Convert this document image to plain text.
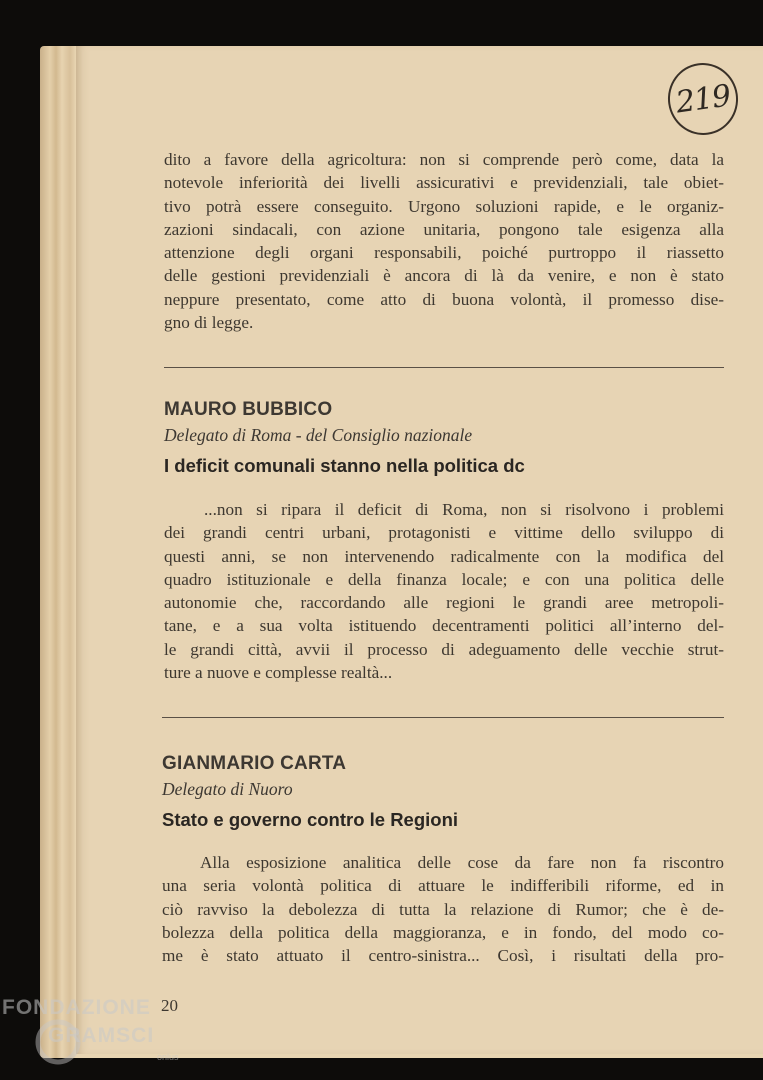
219
dito a favore della agricoltura: non si comprende però come, data la
notevole inferiorità dei livelli assicurativi e previdenziali, tale obiet-
tivo potrà essere conseguito. Urgono soluzioni rapide, e le organiz-
zazioni sindacali, con azione unitaria, pongono tale esigenza alla
attenzione degli organi responsabili, poiché purtroppo il riassetto
delle gestioni previdenziali è ancora di là da venire, e non è stato
neppure presentato, come atto di buona volontà, il promesso dise-
gno di legge.
MAURO BUBBICO
Delegato di Roma - del Consiglio nazionale
I deficit comunali stanno nella politica dc
...non si ripara il deficit di Roma, non si risolvono i problemi
dei grandi centri urbani, protagonisti e vittime dello sviluppo di
questi anni, se non intervenendo radicalmente con la modifica del
quadro istituzionale e della finanza locale; e con una politica delle
autonomie che, raccordando alle regioni le grandi aree metropoli-
tane, e a sua volta istituendo decentramenti politici all’interno del-
le grandi città, avvii il processo di adeguamento delle vecchie strut-
ture a nuove e complesse realtà...
GIANMARIO CARTA
Delegato di Nuoro
Stato e governo contro le Regioni
Alla esposizione analitica delle cose da fare non fa riscontro
una seria volontà politica di attuare le indifferibili riforme, ed in
ciò ravviso la debolezza di tutta la relazione di Rumor; che è de-
bolezza della politica della maggioranza, e in fondo, del modo co-
me è stato attuato il centro-sinistra... Così, i risultati della pro-
20
FONDAZIONE
GRAMSCI
onlus
